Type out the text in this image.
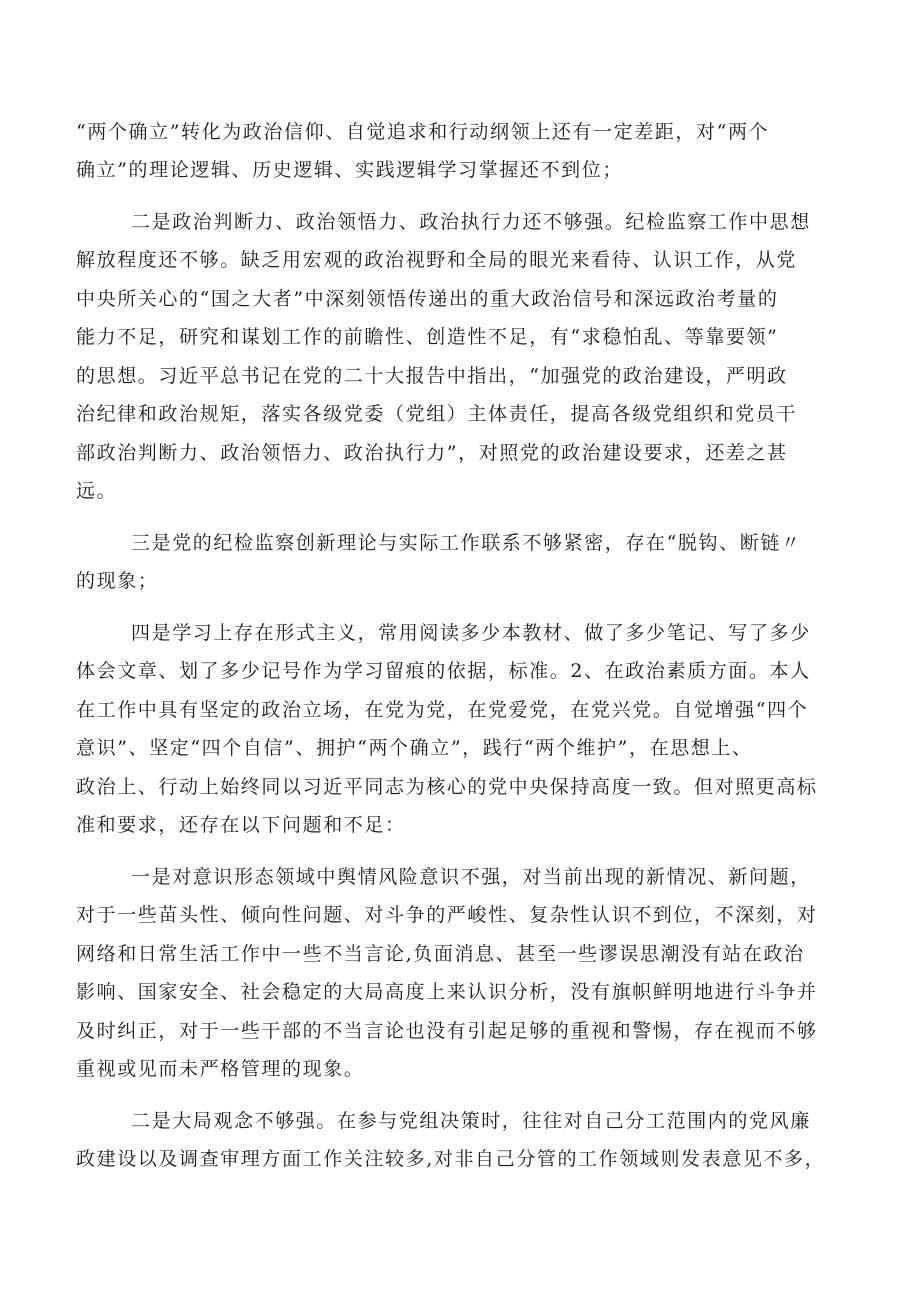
“两个确立”转化为政治信仰、自觉追求和行动纲领上还有一定差距，对“两个
确立”的理论逻辑、历史逻辑、实践逻辑学习掌握还不到位；
二是政治判断力、政治领悟力、政治执行力还不够强。纪检监察工作中思想
解放程度还不够。缺乏用宏观的政治视野和全局的眼光来看待、认识工作，从党
中央所关心的“国之大者”中深刻领悟传递出的重大政治信号和深远政治考量的
能力不足，研究和谋划工作的前瞻性、创造性不足，有“求稳怕乱、等靠要领”
的思想。习近平总书记在党的二十大报告中指出，“加强党的政治建设，严明政
治纪律和政治规矩，落实各级党委（党组）主体责任，提高各级党组织和党员干
部政治判断力、政治领悟力、政治执行力”，对照党的政治建设要求，还差之甚
远。
三是党的纪检监察创新理论与实际工作联系不够紧密，存在“脱钩、断链〃
的现象；
四是学习上存在形式主义，常用阅读多少本教材、做了多少笔记、写了多少
体会文章、划了多少记号作为学习留痕的依据，标准。2、在政治素质方面。本人
在工作中具有坚定的政治立场，在党为党，在党爱党，在党兴党。自觉增强“四个
意识”、坚定“四个自信”、拥护“两个确立”，践行“两个维护”，在思想上、
政治上、行动上始终同以习近平同志为核心的党中央保持高度一致。但对照更高标
准和要求，还存在以下问题和不足：
一是对意识形态领域中舆情风险意识不强，对当前出现的新情况、新问题，
对于一些苗头性、倾向性问题、对斗争的严峻性、复杂性认识不到位，不深刻，对
网络和日常生活工作中一些不当言论,负面消息、甚至一些谬误思潮没有站在政治
影响、国家安全、社会稳定的大局高度上来认识分析，没有旗帜鲜明地进行斗争并
及时纠正，对于一些干部的不当言论也没有引起足够的重视和警惕，存在视而不够
重视或见而未严格管理的现象。
二是大局观念不够强。在参与党组决策时，往往对自己分工范围内的党风廉
政建设以及调查审理方面工作关注较多,对非自己分管的工作领域则发表意见不多，
